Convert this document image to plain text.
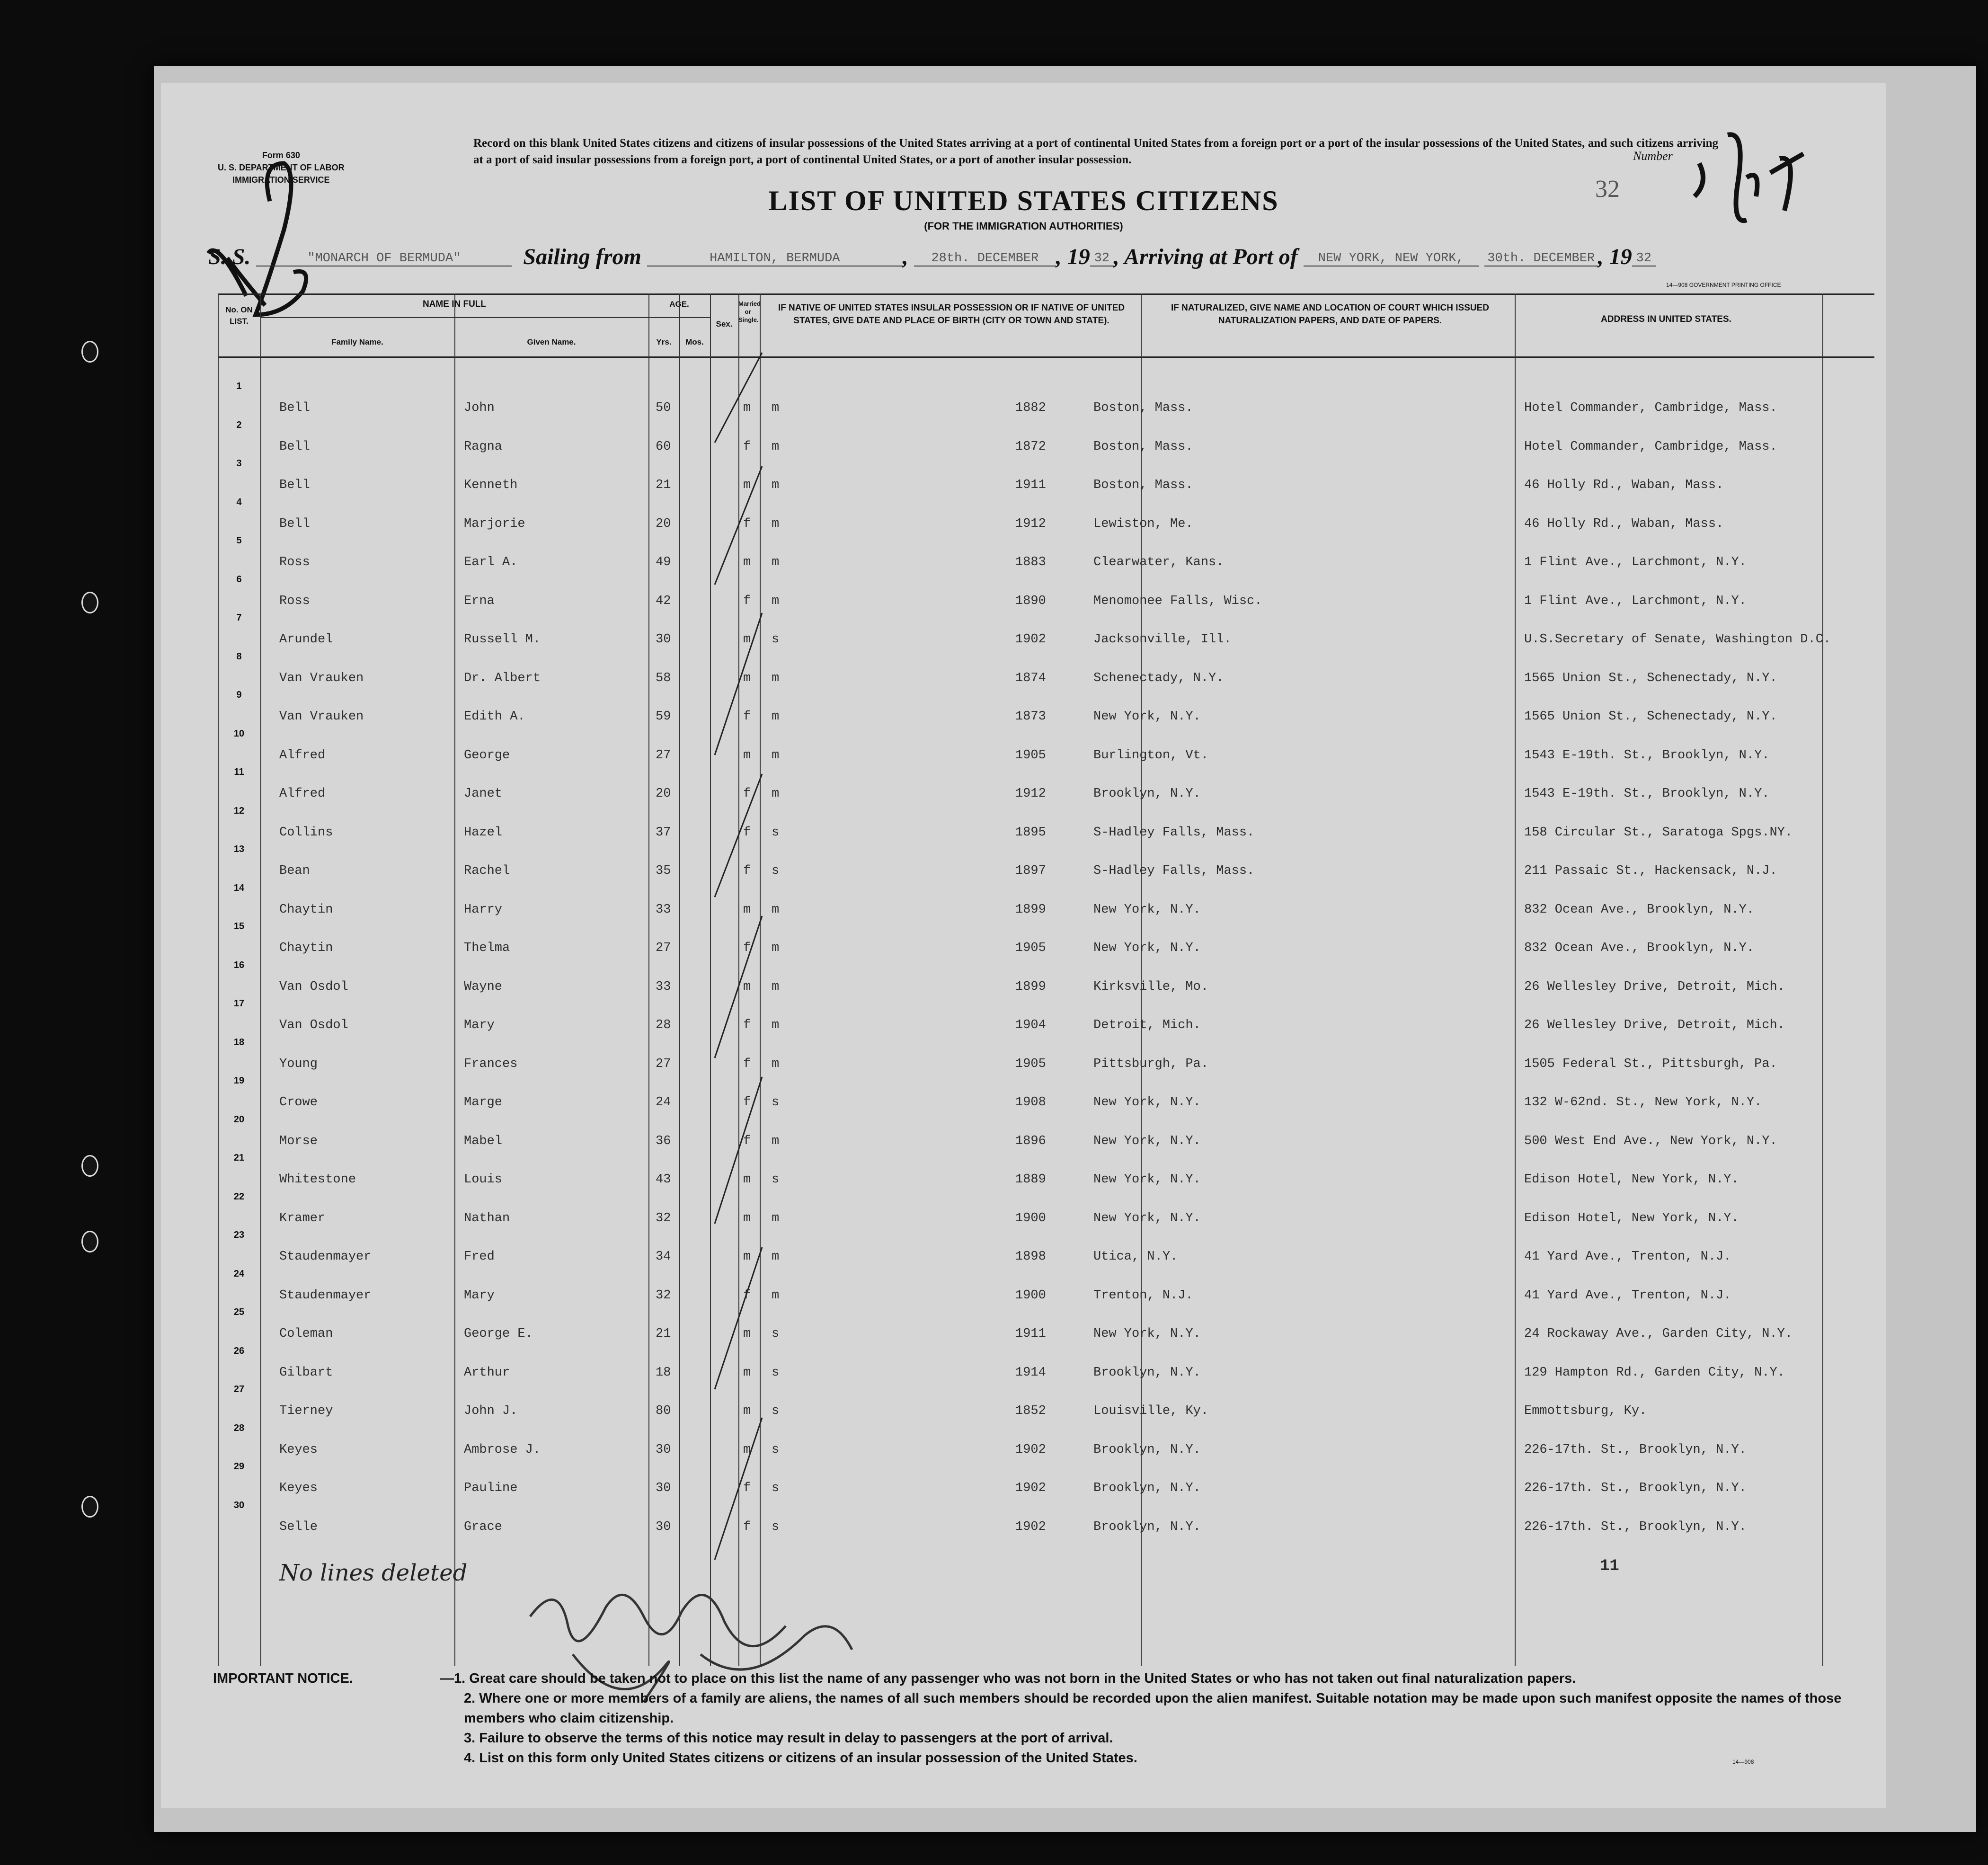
Form 630
U. S. DEPARTMENT OF LABOR
IMMIGRATION SERVICE
Record on this blank United States citizens and citizens of insular possessions of the United States arriving at a port of continental United States from a foreign port or a port of the insular possessions of the United States, and such citizens arriving at a port of said insular possessions from a foreign port, a port of continental United States, or a port of another insular possession.	Number
32
LIST OF UNITED STATES CITIZENS
(FOR THE IMMIGRATION AUTHORITIES)
S. S.	"MONARCH OF BERMUDA"	Sailing from	HAMILTON, BERMUDA	, 28th. DECEMBER , 19 32 , Arriving at Port of NEW YORK, NEW YORK, 30th. DECEMBER , 19 32
14—908 GOVERNMENT PRINTING OFFICE
No. ON LIST.
NAME IN FULL
Family Name.	Given Name.
AGE.
Yrs.	Mos.
Sex.
Married or Single.
IF NATIVE OF UNITED STATES INSULAR POSSESSION OR IF NATIVE OF UNITED STATES, GIVE DATE AND PLACE OF BIRTH (CITY OR TOWN AND STATE).
IF NATURALIZED, GIVE NAME AND LOCATION OF COURT WHICH ISSUED NATURALIZATION PAPERS, AND DATE OF PAPERS.	ADDRESS IN UNITED STATES.
1
Bell	John	50	m m	1882	Boston, Mass.	Hotel Commander, Cambridge, Mass.
2
Bell	Ragna	60	f m	1872	Boston, Mass.	Hotel Commander, Cambridge, Mass.
3
Bell	Kenneth	21	m m	1911	Boston, Mass.	46 Holly Rd., Waban, Mass.
4
Bell	Marjorie	20	f m	1912	Lewiston, Me.	46 Holly Rd., Waban, Mass.
5
Ross	Earl A.	49	m m	1883	Clearwater, Kans.	1 Flint Ave., Larchmont, N.Y.
6
Ross	Erna	42	f m	1890	Menomonee Falls, Wisc.	1 Flint Ave., Larchmont, N.Y.
7
Arundel	Russell M.	30	m s	1902	Jacksonville, Ill.	U.S.Secretary of Senate, Washington D.C.
8
Van Vrauken	Dr. Albert	58	m m	1874	Schenectady, N.Y.	1565 Union St., Schenectady, N.Y.
9
Van Vrauken	Edith A.	59	f m	1873	New York, N.Y.	1565 Union St., Schenectady, N.Y.
10
Alfred	George	27	m m	1905	Burlington, Vt.	1543 E-19th. St., Brooklyn, N.Y.
11
Alfred	Janet	20	f m	1912	Brooklyn, N.Y.	1543 E-19th. St., Brooklyn, N.Y.
12
Collins	Hazel	37	f s	1895	S-Hadley Falls, Mass.	158 Circular St., Saratoga Spgs.NY.
13
Bean	Rachel	35	f s	1897	S-Hadley Falls, Mass.	211 Passaic St., Hackensack, N.J.
14
Chaytin	Harry	33	m m	1899	New York, N.Y.	832 Ocean Ave., Brooklyn, N.Y.
15
Chaytin	Thelma	27	f m	1905	New York, N.Y.	832 Ocean Ave., Brooklyn, N.Y.
16
Van Osdol	Wayne	33	m m	1899	Kirksville, Mo.	26 Wellesley Drive, Detroit, Mich.
17
Van Osdol	Mary	28	f m	1904	Detroit, Mich.	26 Wellesley Drive, Detroit, Mich.
18
Young	Frances	27	f m	1905	Pittsburgh, Pa.	1505 Federal St., Pittsburgh, Pa.
19
Crowe	Marge	24	f s	1908	New York, N.Y.	132 W-62nd. St., New York, N.Y.
20
Morse	Mabel	36	f m	1896	New York, N.Y.	500 West End Ave., New York, N.Y.
21
Whitestone	Louis	43	m s	1889	New York, N.Y.	Edison Hotel, New York, N.Y.
22
Kramer	Nathan	32	m m	1900	New York, N.Y.	Edison Hotel, New York, N.Y.
23
Staudenmayer	Fred	34	m m	1898	Utica, N.Y.	41 Yard Ave., Trenton, N.J.
24
Staudenmayer	Mary	32	f m	1900	Trenton, N.J.	41 Yard Ave., Trenton, N.J.
25
Coleman	George E.	21	m s	1911	New York, N.Y.	24 Rockaway Ave., Garden City, N.Y.
26
Gilbart	Arthur	18	m s	1914	Brooklyn, N.Y.	129 Hampton Rd., Garden City, N.Y.
27
Tierney	John J.	80	m s	1852	Louisville, Ky.	Emmottsburg, Ky.
28
Keyes	Ambrose J.	30	m s	1902	Brooklyn, N.Y.	226-17th. St., Brooklyn, N.Y.
29
Keyes	Pauline	30	f s	1902	Brooklyn, N.Y.	226-17th. St., Brooklyn, N.Y.
30
Selle	Grace	30	f s	1902	Brooklyn, N.Y.	226-17th. St., Brooklyn, N.Y.
No lines deleted	11
IMPORTANT NOTICE.	—1. Great care should be taken not to place on this list the name of any passenger who was not born in the United States or who has not taken out final naturalization papers.
2. Where one or more members of a family are aliens, the names of all such members should be recorded upon the alien manifest. Suitable notation may be made upon such manifest opposite the names of those members who claim citizenship.
3. Failure to observe the terms of this notice may result in delay to passengers at the port of arrival.
4. List on this form only United States citizens or citizens of an insular possession of the United States.	14—908
